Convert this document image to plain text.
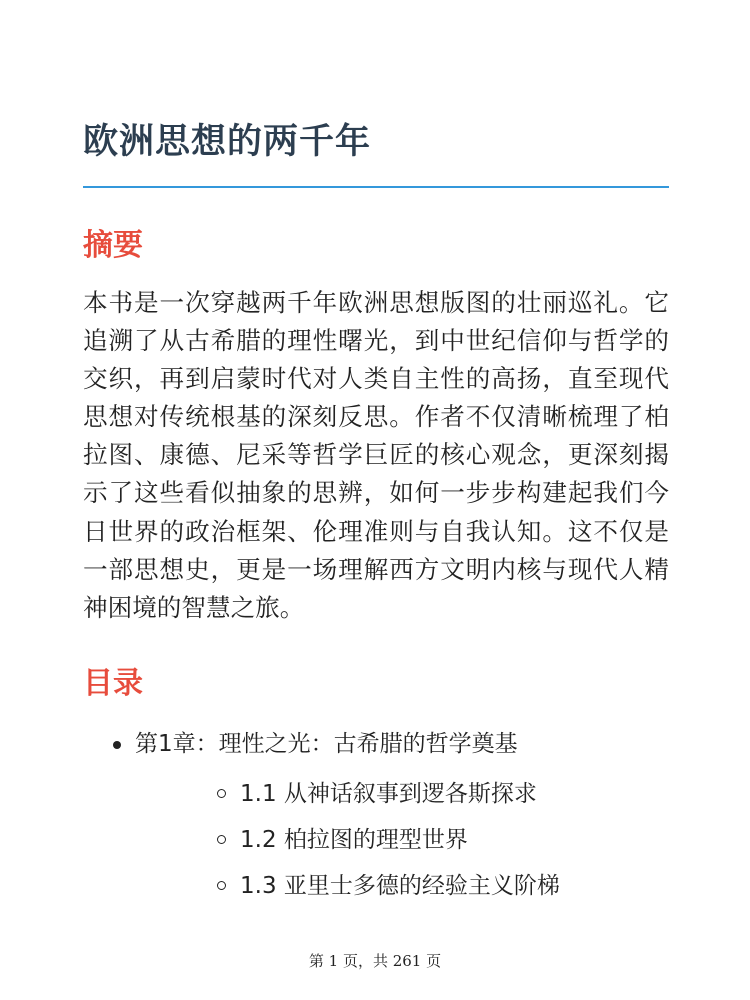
欧洲思想的两千年
摘要

本书是一次穿越两千年欧洲思想版图的壮丽巡礼。它追溯了从古希腊的理性曙光，到中世纪信仰与哲学的交织，再到启蒙时代对人类自主性的高扬，直至现代思想对传统根基的深刻反思。作者不仅清晰梳理了柏拉图、康德、尼采等哲学巨匠的核心观念，更深刻揭示了这些看似抽象的思辨，如何一步步构建起我们今日世界的政治框架、伦理准则与自我认知。这不仅是一部思想史，更是一场理解西方文明内核与现代人精神困境的智慧之旅。

目录
第1章：理性之光：古希腊的哲学奠基
1.1 从神话叙事到逻各斯探求
1.2 柏拉图的理型世界
1.3 亚里士多德的经验主义阶梯
第 1 页，共 261 页
